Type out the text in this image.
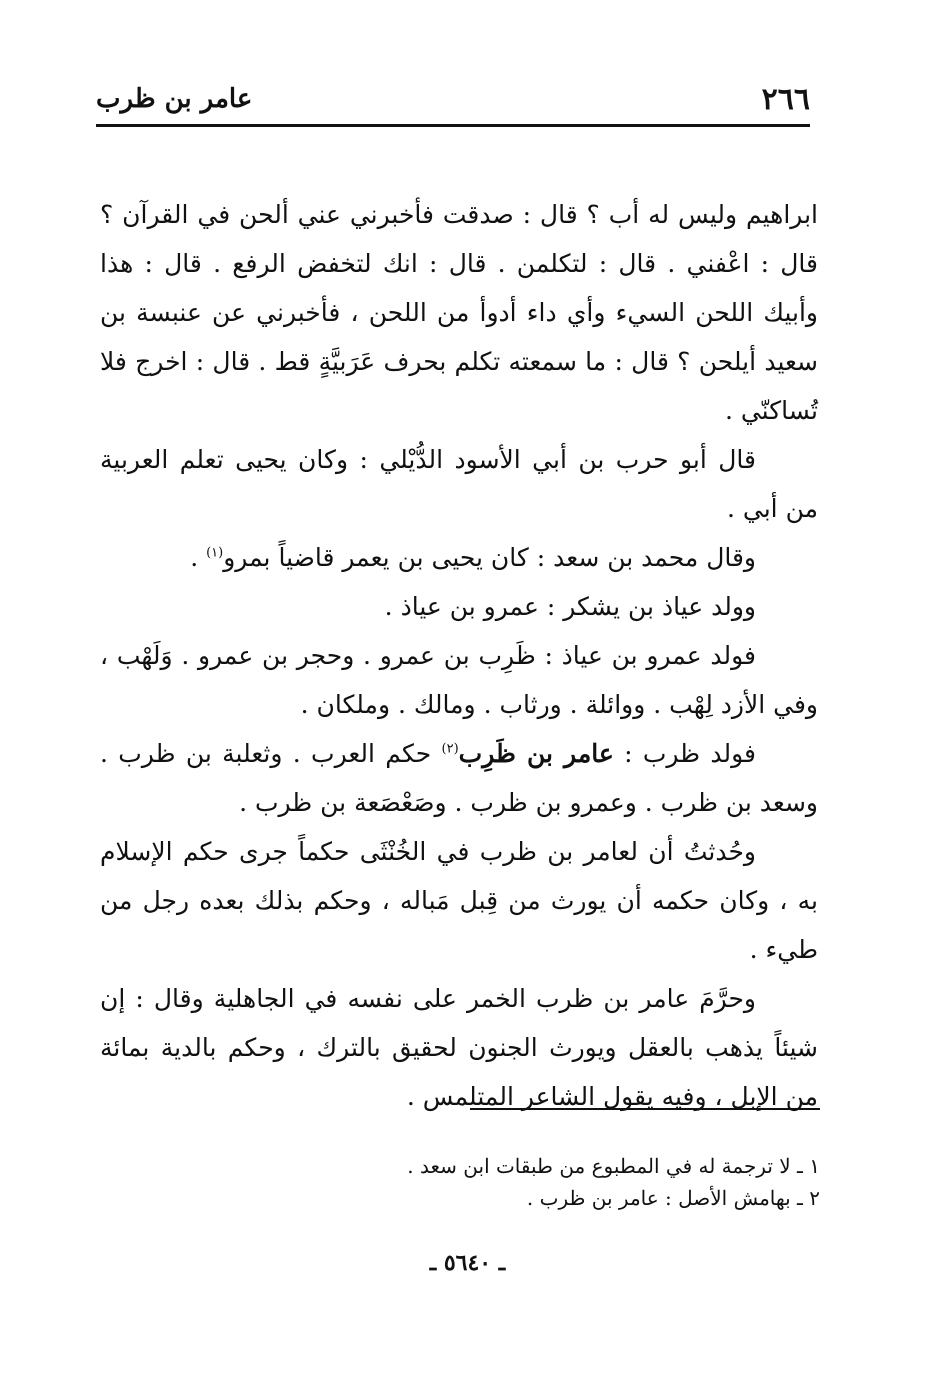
٢٦٦
عامر بن ظرب

ابراهيم وليس له أب ؟ قال : صدقت فأخبرني عني ألحن في القرآن ؟ قال : اعْفني . قال : لتكلمن . قال : انك لتخفض الرفع . قال : هذا وأبيك اللحن السيء وأي داء أدوأ من اللحن ، فأخبرني عن عنبسة بن سعيد أيلحن ؟ قال : ما سمعته تكلم بحرف عَرَبيَّةٍ قط . قال : اخرج فلا تُساكنّي .

قال أبو حرب بن أبي الأسود الدُّيْلي : وكان يحيى تعلم العربية من أبي .

وقال محمد بن سعد : كان يحيى بن يعمر قاضياً بمرو$^{(١)}$ .

وولد عياذ بن يشكر : عمرو بن عياذ .

فولد عمرو بن عياذ : ظَرِب بن عمرو . وحجر بن عمرو . وَلَهْب ، وفي الأزد لِهْب . ووائلة . ورثاب . ومالك . وملكان .

فولد ظرب : عامر بن ظَرِب$^{(٢)}$ حكم العرب . وثعلبة بن ظرب . وسعد بن ظرب . وعمرو بن ظرب . وصَعْصَعة بن ظرب .

وحُدثتُ أن لعامر بن ظرب في الخُنْثَى حكماً جرى حكم الإسلام به ، وكان حكمه أن يورث من قِبل مَباله ، وحكم بذلك بعده رجل من طيء .

وحرَّمَ عامر بن ظرب الخمر على نفسه في الجاهلية وقال : إن شيئاً يذهب بالعقل ويورث الجنون لحقيق بالترك ، وحكم بالدية بمائة من الإبل ، وفيه يقول الشاعر المتلمس .

١ ـ لا ترجمة له في المطبوع من طبقات ابن سعد .
٢ ـ بهامش الأصل : عامر بن ظرب .
ـ ٥٦٤٠ ـ
